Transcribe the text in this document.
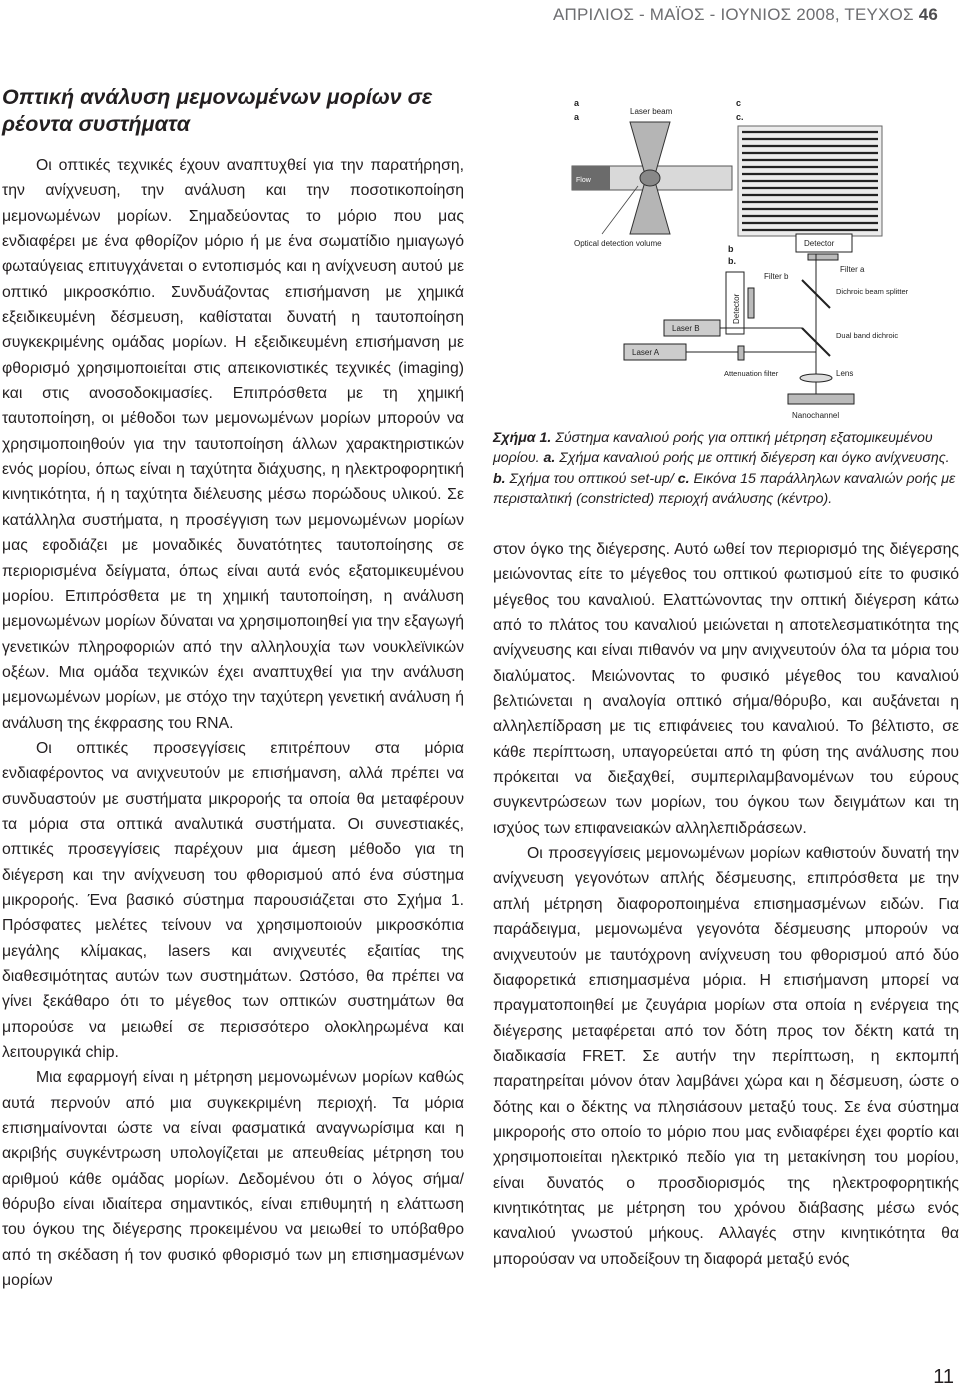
ΑΠΡΙΛΙΟΣ - ΜΑΪΟΣ - ΙΟΥΝΙΟΣ 2008, ΤΕΥΧΟΣ 46
Οπτική ανάλυση μεμονωμένων μορίων σε ρέοντα συστήματα

Οι οπτικές τεχνικές έχουν αναπτυχθεί για την παρατήρηση, την ανίχνευση, την ανάλυση και την ποσοτικοποίηση μεμονωμένων μορίων. Σημαδεύοντας το μόριο που μας ενδιαφέρει με ένα φθορίζον μόριο ή με ένα σωματίδιο ημιαγωγό φωταύγειας επιτυγχάνεται ο εντοπισμός και η ανίχνευση αυτού με οπτικό μικροσκόπιο. Συνδυάζοντας επισήμανση με χημικά εξειδικευμένη δέσμευση, καθίσταται δυνατή η ταυτοποίηση συγκεκριμένης ομάδας μορίων. Η εξειδικευμένη επισήμανση με φθορισμό χρησιμοποιείται στις απεικονιστικές τεχνικές (imaging) και στις ανοσοδοκιμασίες. Επιπρόσθετα με τη χημική ταυτοποίηση, οι μέθοδοι των μεμονωμένων μορίων μπορούν να χρησιμοποιηθούν για την ταυτοποίηση άλλων χαρακτηριστικών ενός μορίου, όπως είναι η ταχύτητα διάχυσης, η ηλεκτροφορητική κινητικότητα, ή η ταχύτητα διέλευσης μέσω πορώδους υλικού. Σε κατάλληλα συστήματα, η προσέγγιση των μεμονωμένων μορίων μας εφοδιάζει με μοναδικές δυνατότητες ταυτοποίησης σε περιορισμένα δείγματα, όπως είναι αυτά ενός εξατομικευμένου μορίου. Επιπρόσθετα με τη χημική ταυτοποίηση, η ανάλυση μεμονωμένων μορίων δύναται να χρησιμοποιηθεί για την εξαγωγή γενετικών πληροφοριών από την αλληλουχία των νουκλεϊνικών οξέων. Μια ομάδα τεχνικών έχει αναπτυχθεί για την ανάλυση μεμονωμένων μορίων, με στόχο την ταχύτερη γενετική ανάλυση ή ανάλυση της έκφρασης του RNA.

Οι οπτικές προσεγγίσεις επιτρέπουν στα μόρια ενδιαφέροντος να ανιχνευτούν με επισήμανση, αλλά πρέπει να συνδυαστούν με συστήματα μικροροής τα οποία θα μεταφέρουν τα μόρια στα οπτικά αναλυτικά συστήματα. Οι συνεστιακές, οπτικές προσεγγίσεις παρέχουν μια άμεση μέθοδο για τη διέγερση και την ανίχνευση του φθορισμού από ένα σύστημα μικροροής. Ένα βασικό σύστημα παρουσιάζεται στο Σχήμα 1. Πρόσφατες μελέτες τείνουν να χρησιμοποιούν μικροσκόπια μεγάλης κλίμακας, lasers και ανιχνευτές εξαιτίας της διαθεσιμότητας αυτών των συστημάτων. Ωστόσο, θα πρέπει να γίνει ξεκάθαρο ότι το μέγεθος των οπτικών συστημάτων θα μπορούσε να μειωθεί σε περισσότερο ολοκληρωμένα και λειτουργικά chip.

Μια εφαρμογή είναι η μέτρηση μεμονωμένων μορίων καθώς αυτά περνούν από μια συγκεκριμένη περιοχή. Τα μόρια επισημαίνονται ώστε να είναι φασματικά αναγνωρίσιμα και η ακριβής συγκέντρωση υπολογίζεται με απευθείας μέτρηση του αριθμού κάθε ομάδας μορίων. Δεδομένου ότι ο λόγος σήμα/θόρυβο είναι ιδιαίτερα σημαντικός, είναι επιθυμητή η ελάττωση του όγκου της διέγερσης προκειμένου να μειωθεί το υπόβαθρο από τη σκέδαση ή τον φυσικό φθορισμό των μη επισημασμένων μορίων

a
a
c
c.
Laser beam
Flow
Optical detection volume
b
b.
Detector
Filter a
Filter b
Detector
Dichroic beam splitter
Dual band dichroic
Laser B
Laser A
Attenuation filter	Lens
Nanochannel
Σχήμα 1. Σύστημα καναλιού ροής για οπτική μέτρηση εξατομικευμένου μορίου. a. Σχήμα καναλιού ροής με οπτική διέγερση και όγκο ανίχνευσης. b. Σχήμα του οπτικού set-up/ c. Εικόνα 15 παράλληλων καναλιών ροής με περισταλτική (constricted) περιοχή ανάλυσης (κέντρο).

στον όγκο της διέγερσης. Αυτό ωθεί τον περιορισμό της διέγερσης μειώνοντας είτε το μέγεθος του οπτικού φωτισμού είτε το φυσικό μέγεθος του καναλιού. Ελαττώνοντας την οπτική διέγερση κάτω από το πλάτος του καναλιού μειώνεται η αποτελεσματικότητα της ανίχνευσης και είναι πιθανόν να μην ανιχνευτούν όλα τα μόρια του διαλύματος. Μειώνοντας το φυσικό μέγεθος του καναλιού βελτιώνεται η αναλογία οπτικό σήμα/θόρυβο, και αυξάνεται η αλληλεπίδραση με τις επιφάνειες του καναλιού. Το βέλτιστο, σε κάθε περίπτωση, υπαγορεύεται από τη φύση της ανάλυσης που πρόκειται να διεξαχθεί, συμπεριλαμβανομένων του εύρους συγκεντρώσεων των μορίων, του όγκου των δειγμάτων και τη ισχύος των επιφανειακών αλληλεπιδράσεων.

Οι προσεγγίσεις μεμονωμένων μορίων καθιστούν δυνατή την ανίχνευση γεγονότων απλής δέσμευσης, επιπρόσθετα με την απλή μέτρηση διαφοροποιημένα επισημασμένων ειδών. Για παράδειγμα, μεμονωμένα γεγονότα δέσμευσης μπορούν να ανιχνευτούν με ταυτόχρονη ανίχνευση του φθορισμού από δύο διαφορετικά επισημασμένα μόρια. Η επισήμανση μπορεί να πραγματοποιηθεί με ζευγάρια μορίων στα οποία η ενέργεια της διέγερσης μεταφέρεται από τον δότη προς τον δέκτη κατά τη διαδικασία FRET. Σε αυτήν την περίπτωση, η εκπομπή παρατηρείται μόνον όταν λαμβάνει χώρα και η δέσμευση, ώστε ο δότης και ο δέκτης να πλησιάσουν μεταξύ τους. Σε ένα σύστημα μικροροής στο οποίο το μόριο που μας ενδιαφέρει έχει φορτίο και χρησιμοποιείται ηλεκτρικό πεδίο για τη μετακίνηση του μορίου, είναι δυνατός ο προσδιορισμός της ηλεκτροφορητικής κινητικότητας με μέτρηση του χρόνου διάβασης μέσω ενός καναλιού γνωστού μήκους. Αλλαγές στην κινητικότητα θα μπορούσαν να υποδείξουν τη διαφορά μεταξύ ενός

11
